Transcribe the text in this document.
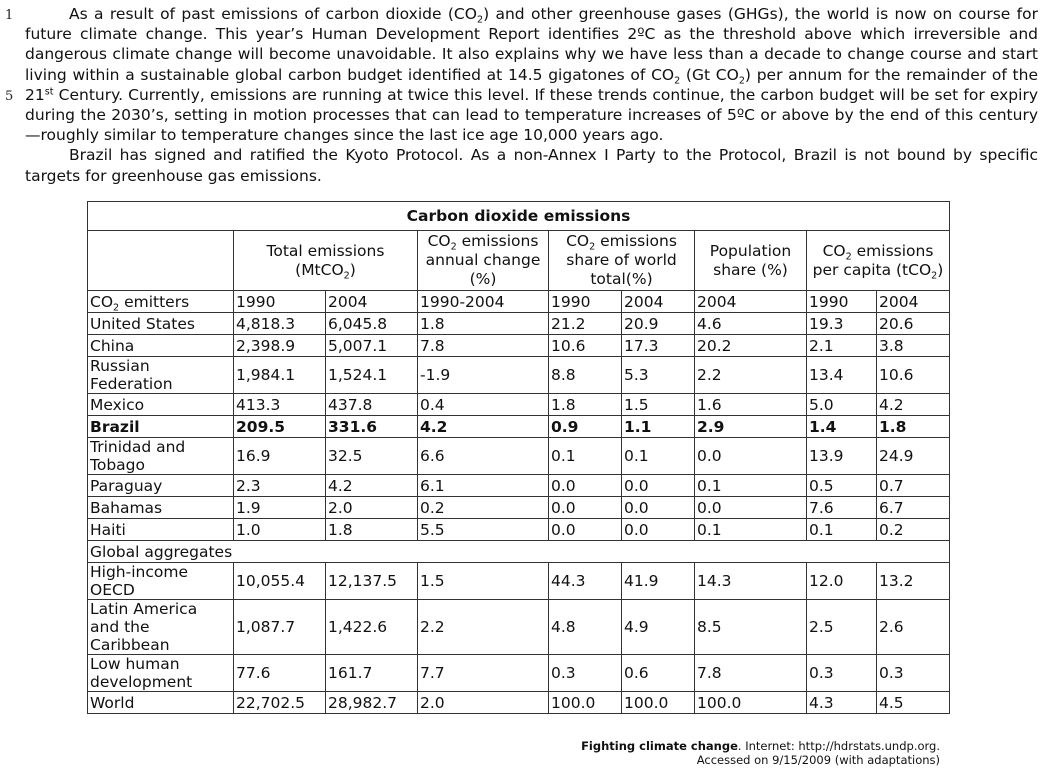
1
5

As a result of past emissions of carbon dioxide $(CO_2)$ and other greenhouse gases (GHGs), the world is now on course for future climate change. This year’s Human Development Report identifies 2ºC as the threshold above which irreversible and dangerous climate change will become unavoidable. It also explains why we have less than a decade to change course and start living within a sustainable global carbon budget identified at 14.5 gigatones of $CO_2$ (Gt $CO_2$) per annum for the remainder of the 21st Century. Currently, emissions are running at twice this level. If these trends continue, the carbon budget will be set for expiry during the 2030’s, setting in motion processes that can lead to temperature increases of 5ºC or above by the end of this century—roughly similar to temperature changes since the last ice age 10,000 years ago.

Brazil has signed and ratified the Kyoto Protocol. As a non-Annex I Party to the Protocol, Brazil is not bound by specific targets for greenhouse gas emissions.

Carbon dioxide emissions								
	Total emissions (MtCO$_2$)		$CO_2$ emissions annual change (%)	$CO_2$ emissions share of world total(%)		Population share (%)	$CO_2$ emissions per capita (tCO$_2$)	
$CO_2$ emitters	1990	2004	1990-2004	1990	2004	2004	1990	2004
United States	4,818.3	6,045.8	1.8	21.2	20.9	4.6	19.3	20.6
China	2,398.9	5,007.1	7.8	10.6	17.3	20.2	2.1	3.8
Russian Federation	1,984.1	1,524.1	-1.9	8.8	5.3	2.2	13.4	10.6
Mexico	413.3	437.8	0.4	1.8	1.5	1.6	5.0	4.2
Brazil	209.5	331.6	4.2	0.9	1.1	2.9	1.4	1.8
Trinidad and Tobago	16.9	32.5	6.6	0.1	0.1	0.0	13.9	24.9
Paraguay	2.3	4.2	6.1	0.0	0.0	0.1	0.5	0.7
Bahamas	1.9	2.0	0.2	0.0	0.0	0.0	7.6	6.7
Haiti	1.0	1.8	5.5	0.0	0.0	0.1	0.1	0.2
Global aggregates								
High-income OECD	10,055.4	12,137.5	1.5	44.3	41.9	14.3	12.0	13.2
Latin America and the Caribbean	1,087.7	1,422.6	2.2	4.8	4.9	8.5	2.5	2.6
Low human development	77.6	161.7	7.7	0.3	0.6	7.8	0.3	0.3
World	22,702.5	28,982.7	2.0	100.0	100.0	100.0	4.3	4.5
Fighting climate change. Internet: http://hdrstats.undp.org.
Accessed on 9/15/2009 (with adaptations)
